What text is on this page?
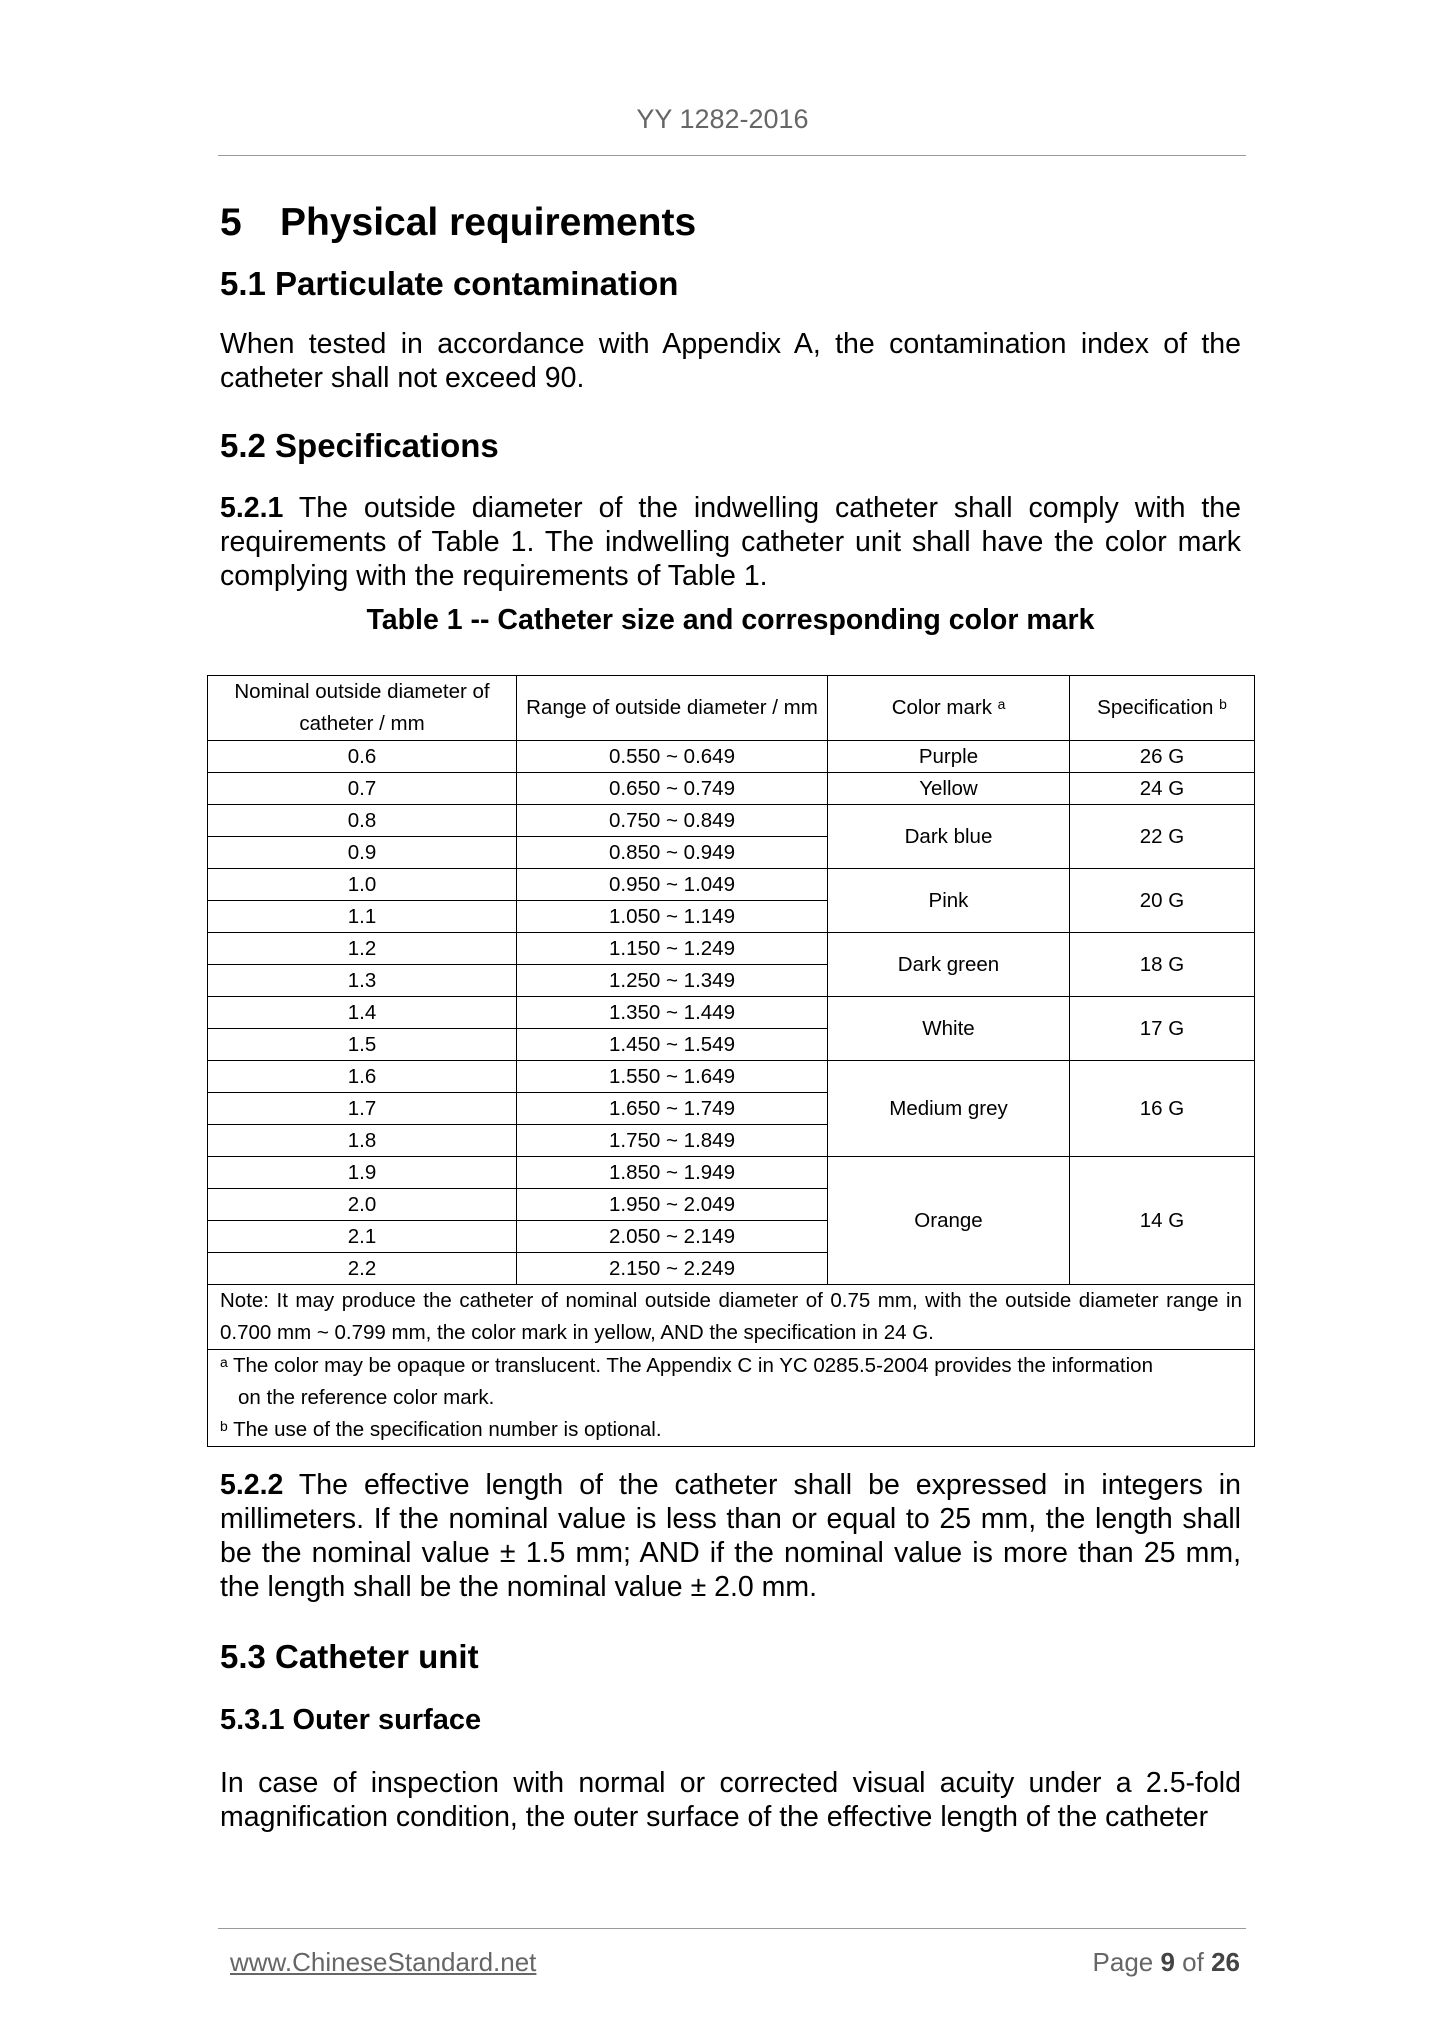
YY 1282-2016
5 Physical requirements
5.1 Particulate contamination

When tested in accordance with Appendix A, the contamination index of the catheter shall not exceed 90.

5.2 Specifications

5.2.1 The outside diameter of the indwelling catheter shall comply with the requirements of Table 1. The indwelling catheter unit shall have the color mark complying with the requirements of Table 1.

Table 1 -- Catheter size and corresponding color mark

Nominal outside diameter of catheter / mm	Range of outside diameter / mm	Color mark ᵃ	Specification ᵇ
0.6	0.550 ~ 0.649	Purple	26 G
0.7	0.650 ~ 0.749	Yellow	24 G
0.8	0.750 ~ 0.849	Dark blue	22 G
0.9	0.850 ~ 0.949		
1.0	0.950 ~ 1.049	Pink	20 G
1.1	1.050 ~ 1.149		
1.2	1.150 ~ 1.249	Dark green	18 G
1.3	1.250 ~ 1.349		
1.4	1.350 ~ 1.449	White	17 G
1.5	1.450 ~ 1.549		
1.6	1.550 ~ 1.649	Medium grey	16 G
1.7	1.650 ~ 1.749		
1.8	1.750 ~ 1.849		
1.9	1.850 ~ 1.949	Orange	14 G
2.0	1.950 ~ 2.049		
2.1	2.050 ~ 2.149		
2.2	2.150 ~ 2.249		

Note: It may produce the catheter of nominal outside diameter of 0.75 mm, with the outside diameter range in 0.700 mm ~ 0.799 mm, the color mark in yellow, AND the specification in 24 G.			

ᵃ The color may be opaque or translucent. The Appendix C in YC 0285.5-2004 provides the information
on the reference color mark.
ᵇ The use of the specification number is optional.			

5.2.2 The effective length of the catheter shall be expressed in integers in millimeters. If the nominal value is less than or equal to 25 mm, the length shall be the nominal value ± 1.5 mm; AND if the nominal value is more than 25 mm, the length shall be the nominal value ± 2.0 mm.

5.3 Catheter unit
5.3.1 Outer surface

In case of inspection with normal or corrected visual acuity under a 2.5-fold magnification condition, the outer surface of the effective length of the catheter

www.ChineseStandard.net	Page 9 of 26
